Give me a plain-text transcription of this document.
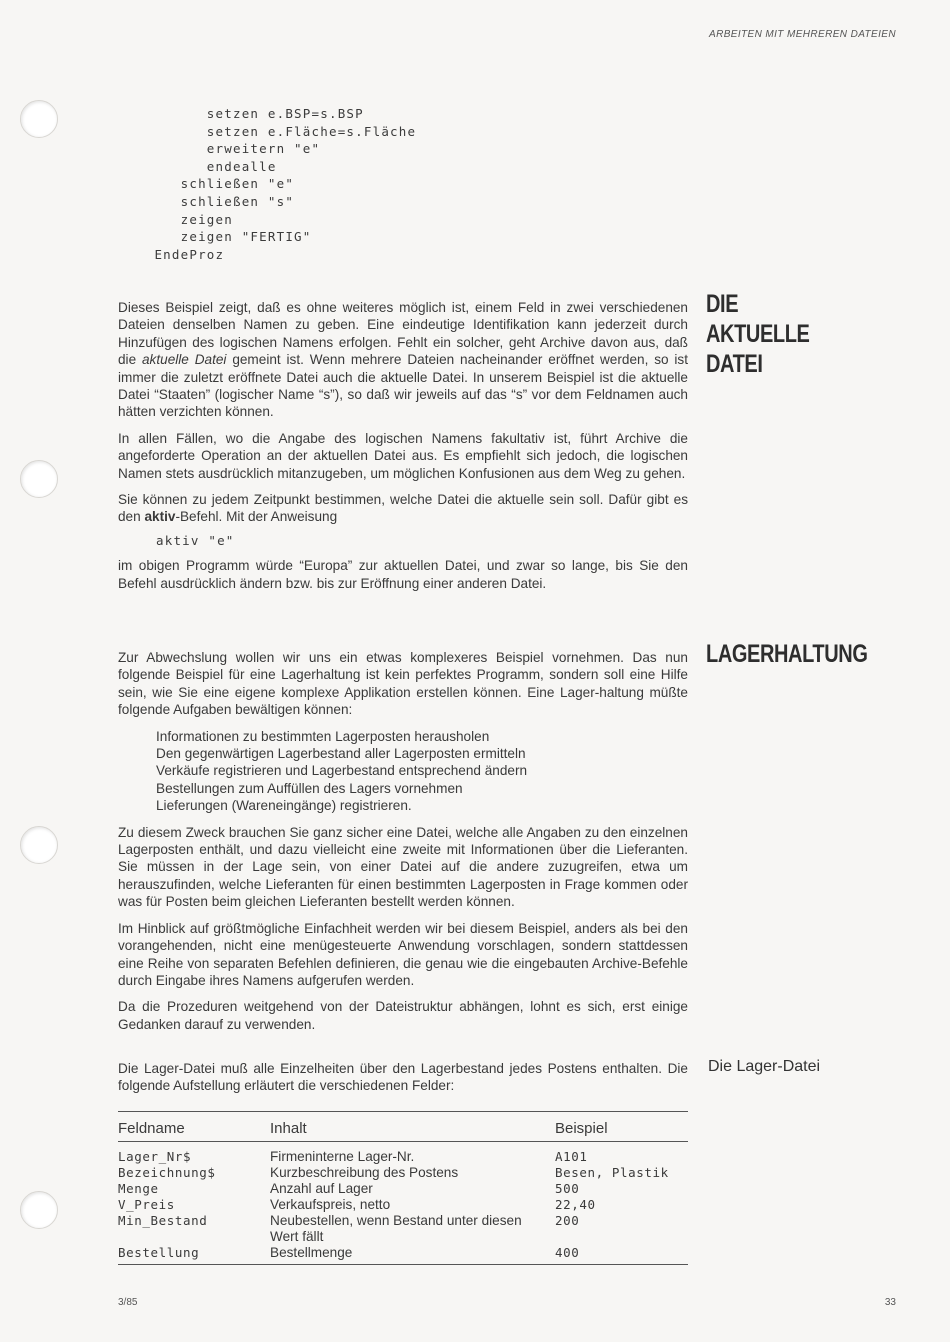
ARBEITEN MIT MEHREREN DATEIEN
setzen e.BSP=s.BSP
setzen e.Fläche=s.Fläche
erweitern "e"
endealle
schließen "e"
schließen "s"
zeigen
zeigen "FERTIG"
EndeProz
DIE AKTUELLE DATEI

Dieses Beispiel zeigt, daß es ohne weiteres möglich ist, einem Feld in zwei verschiedenen Dateien denselben Namen zu geben. Eine eindeutige Identifikation kann jederzeit durch Hinzufügen des logischen Namens erfolgen. Fehlt ein solcher, geht Archive davon aus, daß die aktuelle Datei gemeint ist. Wenn mehrere Dateien nacheinander eröffnet werden, so ist immer die zuletzt eröffnete Datei auch die aktuelle Datei. In unserem Beispiel ist die aktuelle Datei “Staaten” (logischer Name “s”), so daß wir jeweils auf das “s” vor dem Feldnamen auch hätten verzichten können.

In allen Fällen, wo die Angabe des logischen Namens fakultativ ist, führt Archive die angeforderte Operation an der aktuellen Datei aus. Es empfiehlt sich jedoch, die logischen Namen stets ausdrücklich mitanzugeben, um möglichen Konfusionen aus dem Weg zu gehen.

Sie können zu jedem Zeitpunkt bestimmen, welche Datei die aktuelle sein soll. Dafür gibt es den aktiv-Befehl. Mit der Anweisung

aktiv "e"

im obigen Programm würde “Europa” zur aktuellen Datei, und zwar so lange, bis Sie den Befehl ausdrücklich ändern bzw. bis zur Eröffnung einer anderen Datei.

LAGERHALTUNG

Zur Abwechslung wollen wir uns ein etwas komplexeres Beispiel vornehmen. Das nun folgende Beispiel für eine Lagerhaltung ist kein perfektes Programm, sondern soll eine Hilfe sein, wie Sie eine eigene komplexe Applikation erstellen können. Eine Lager-haltung müßte folgende Aufgaben bewältigen können:

Informationen zu bestimmten Lagerposten herausholen
Den gegenwärtigen Lagerbestand aller Lagerposten ermitteln
Verkäufe registrieren und Lagerbestand entsprechend ändern
Bestellungen zum Auffüllen des Lagers vornehmen
Lieferungen (Wareneingänge) registrieren.

Zu diesem Zweck brauchen Sie ganz sicher eine Datei, welche alle Angaben zu den einzelnen Lagerposten enthält, und dazu vielleicht eine zweite mit Informationen über die Lieferanten. Sie müssen in der Lage sein, von einer Datei auf die andere zuzugreifen, etwa um herauszufinden, welche Lieferanten für einen bestimmten Lagerposten in Frage kommen oder was für Posten beim gleichen Lieferanten bestellt werden können.

Im Hinblick auf größtmögliche Einfachheit werden wir bei diesem Beispiel, anders als bei den vorangehenden, nicht eine menügesteuerte Anwendung vorschlagen, sondern stattdessen eine Reihe von separaten Befehlen definieren, die genau wie die eingebauten Archive-Befehle durch Eingabe ihres Namens aufgerufen werden.

Da die Prozeduren weitgehend von der Dateistruktur abhängen, lohnt es sich, erst einige Gedanken darauf zu verwenden.

Die Lager-Datei

Die Lager-Datei muß alle Einzelheiten über den Lagerbestand jedes Postens enthalten. Die folgende Aufstellung erläutert die verschiedenen Felder:

Feldname	Inhalt	Beispiel
Lager_Nr$	Firmeninterne Lager-Nr.	A101
Bezeichnung$	Kurzbeschreibung des Postens	Besen, Plastik
Menge	Anzahl auf Lager	500
V_Preis	Verkaufspreis, netto	22,40
Min_Bestand	Neubestellen, wenn Bestand unter diesen Wert fällt	200
Bestellung	Bestellmenge	400
3/85	33
